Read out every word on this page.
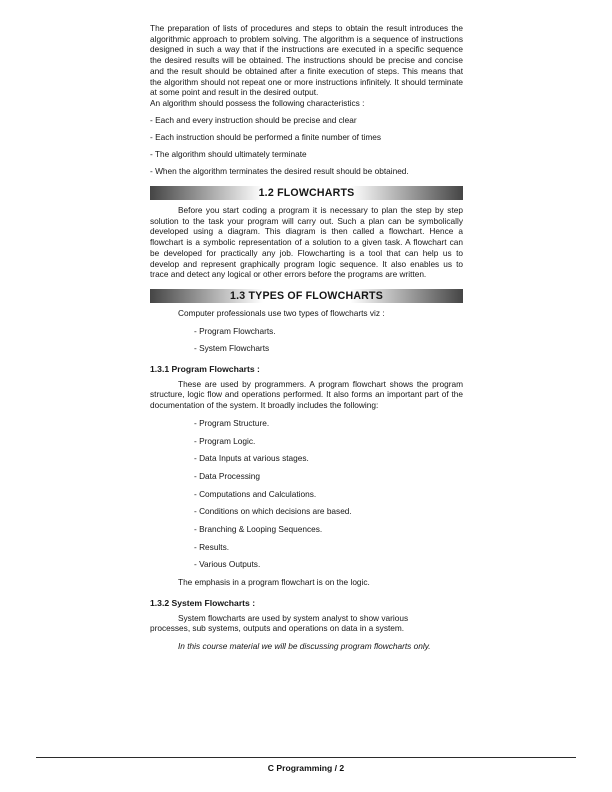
The preparation of lists of procedures and steps to obtain the result introduces the algorithmic approach to problem solving. The algorithm is a sequence of instructions designed in such a way that if the instructions are executed in a specific sequence the desired results will be obtained. The instructions should be precise and concise and the result should be obtained after a finite execution of steps. This means that the algorithm should not repeat one or more instructions infinitely. It should terminate at some point and result in the desired output.

An algorithm should possess the following characteristics :

- Each and every instruction should be precise and clear

- Each instruction should be performed a finite number of times

- The algorithm should ultimately terminate

- When the algorithm terminates the desired result should be obtained.

1.2 FLOWCHARTS

Before you start coding a program it is necessary to plan the step by step solution to the task your program will carry out. Such a plan can be symbolically developed using a diagram. This diagram is then called a flowchart. Hence a flowchart is a symbolic representation of a solution to a given task. A flowchart can be developed for practically any job. Flowcharting is a tool that can help us to develop and represent graphically program logic sequence. It also enables us to trace and detect any logical or other errors before the programs are written.

1.3 TYPES OF FLOWCHARTS

Computer professionals use two types of flowcharts viz :

- Program Flowcharts.

- System Flowcharts

1.3.1 Program Flowcharts :

These are used by programmers. A program flowchart shows the program structure, logic flow and operations performed. It also forms an important part of the documentation of the system. It broadly includes the following:

- Program Structure.

- Program Logic.

- Data Inputs at various stages.

- Data Processing

- Computations and Calculations.

- Conditions on which decisions are based.

- Branching & Looping Sequences.

- Results.

- Various Outputs.

The emphasis in a program flowchart is on the logic.

1.3.2 System Flowcharts :

System flowcharts are used by system analyst to show various processes, sub systems, outputs and operations on data in a system.

In this course material we will be discussing program flowcharts only.

C Programming / 2
